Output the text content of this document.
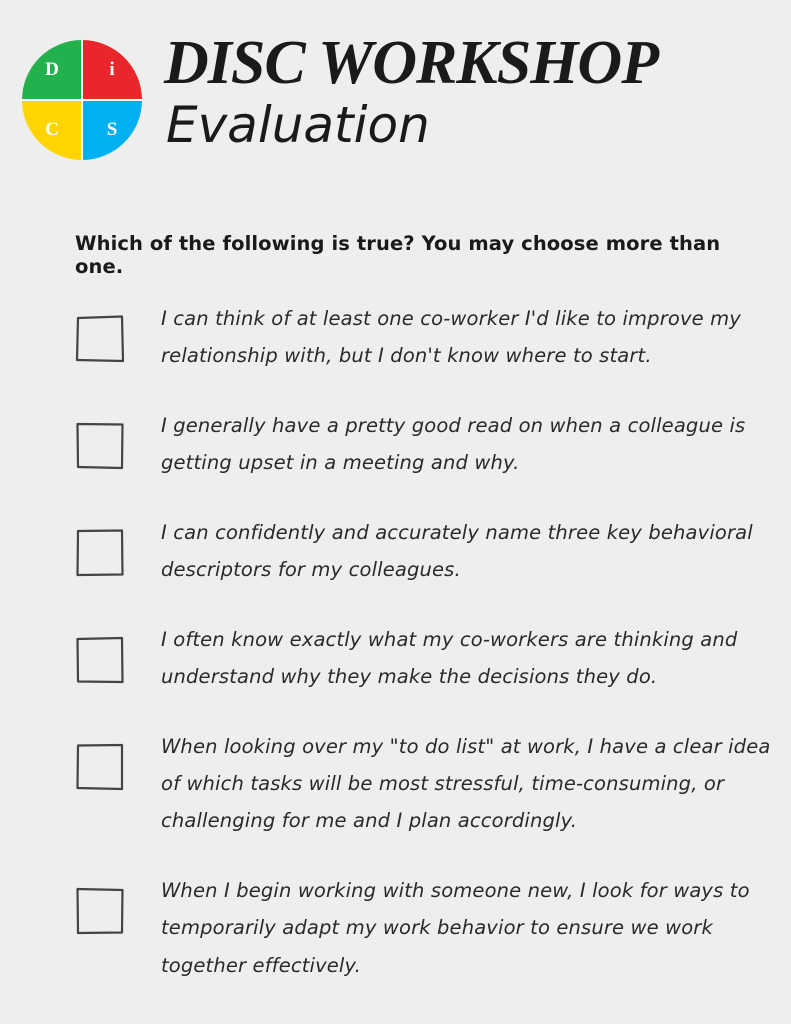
D	i
C	S
DISC WORKSHOP
Evaluation
Which of the following is true? You may choose more than one.
I can think of at least one co-worker I'd like to improve my relationship with, but I don't know where to start.
I generally have a pretty good read on when a colleague is getting upset in a meeting and why.
I can confidently and accurately name three key behavioral descriptors for my colleagues.
I often know exactly what my co-workers are thinking and understand why they make the decisions they do.
When looking over my "to do list" at work, I have a clear idea of which tasks will be most stressful, time-consuming, or challenging for me and I plan accordingly.
When I begin working with someone new, I look for ways to temporarily adapt my work behavior to ensure we work together effectively.
